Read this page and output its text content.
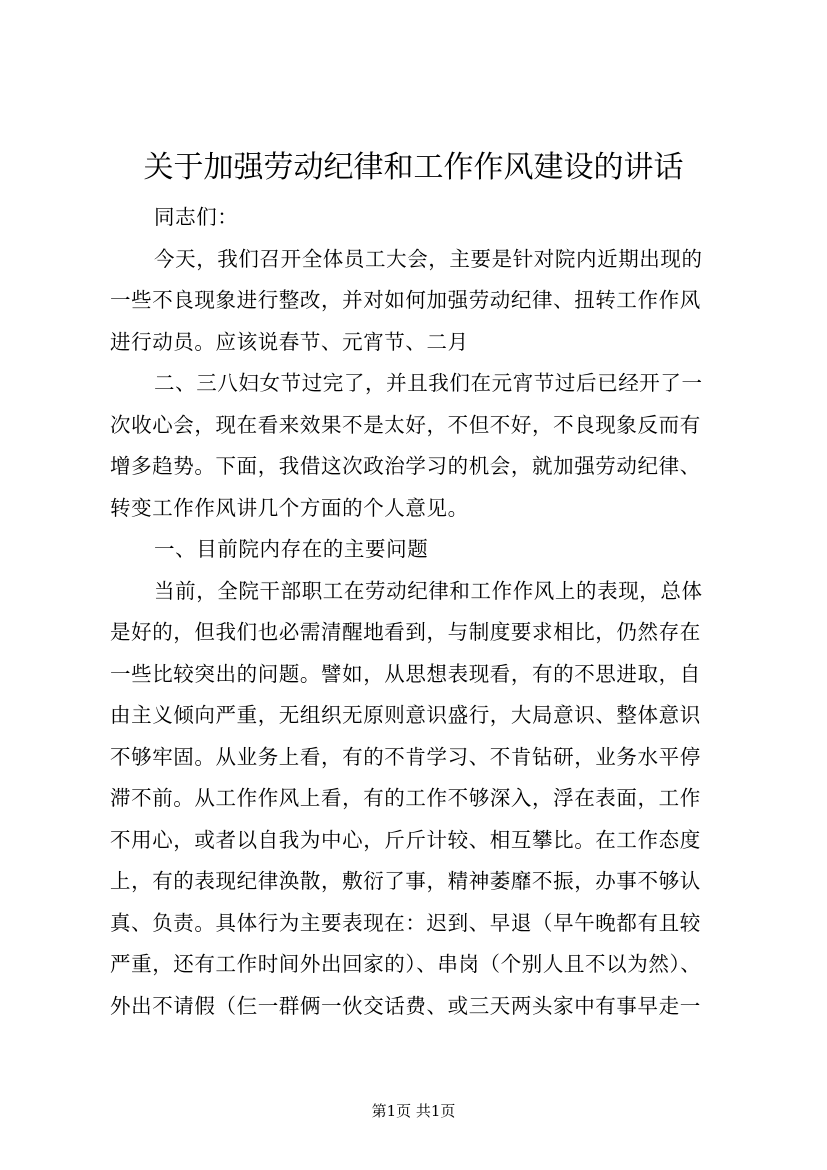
关于加强劳动纪律和工作作风建设的讲话
同志们：
今天，我们召开全体员工大会，主要是针对院内近期出现的
一些不良现象进行整改，并对如何加强劳动纪律、扭转工作作风
进行动员。应该说春节、元宵节、二月
二、三八妇女节过完了，并且我们在元宵节过后已经开了一
次收心会，现在看来效果不是太好，不但不好，不良现象反而有
增多趋势。下面，我借这次政治学习的机会，就加强劳动纪律、
转变工作作风讲几个方面的个人意见。
一、目前院内存在的主要问题
当前，全院干部职工在劳动纪律和工作作风上的表现，总体
是好的，但我们也必需清醒地看到，与制度要求相比，仍然存在
一些比较突出的问题。譬如，从思想表现看，有的不思进取，自
由主义倾向严重，无组织无原则意识盛行，大局意识、整体意识
不够牢固。从业务上看，有的不肯学习、不肯钻研，业务水平停
滞不前。从工作作风上看，有的工作不够深入，浮在表面，工作
不用心，或者以自我为中心，斤斤计较、相互攀比。在工作态度
上，有的表现纪律涣散，敷衍了事，精神萎靡不振，办事不够认
真、负责。具体行为主要表现在：迟到、早退（早午晚都有且较
严重，还有工作时间外出回家的）、串岗（个别人且不以为然）、
外出不请假（仨一群俩一伙交话费、或三天两头家中有事早走一
第1页 共1页
